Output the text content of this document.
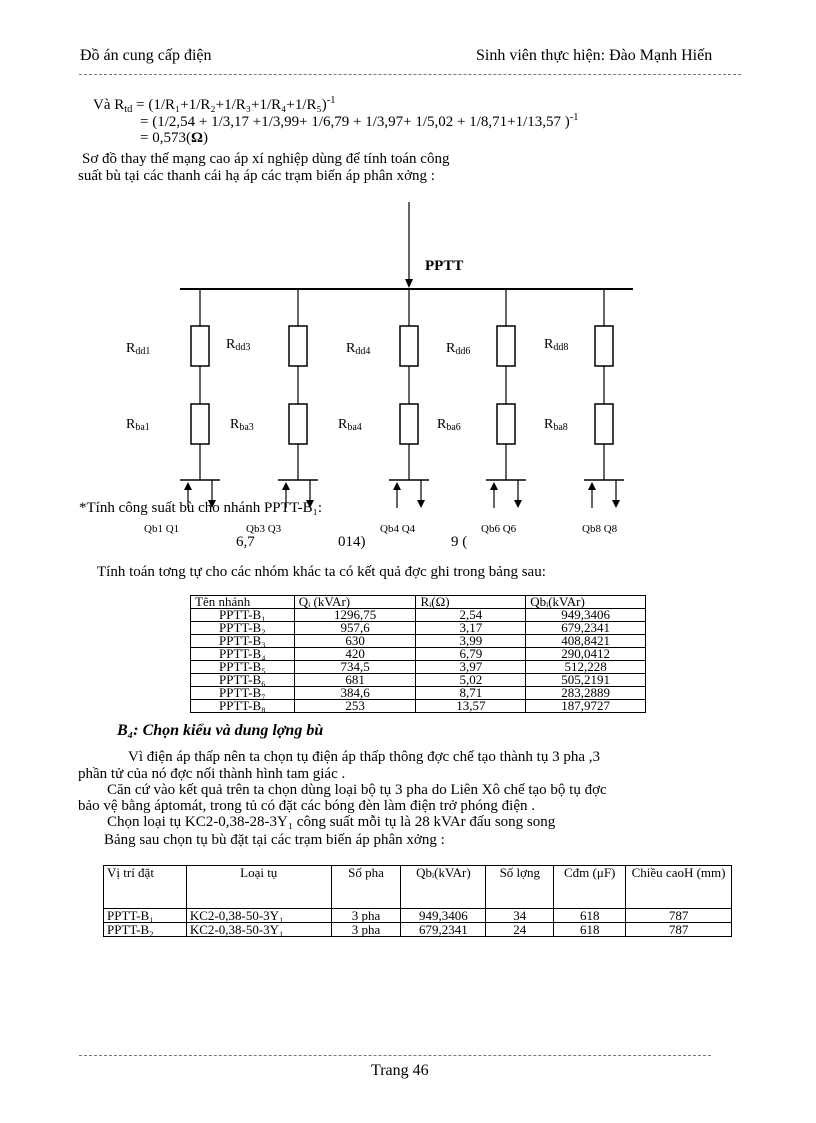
Đồ án cung cấp điện	Sinh viên thực hiện: Đào Mạnh Hiến
Và $R_{td} = (1/R_1+1/R_2+1/R_3+1/R_4+1/R_5)^{-1}$
= (1/2,54 + 1/3,17 +1/3,99+ 1/6,79 + 1/3,97+ 1/5,02 + 1/8,71+1/13,57 )$^{-1}$
= 0,573(Ω)
Sơ đồ thay thế mạng cao áp xí nghiệp dùng để tính toán công
suất bù tại các thanh cái hạ áp các trạm biến áp phân xởng :
PPTT
Rdd1
Rba1
Qb1 Q1
Rdd3
Rba3
Qb3 Q3
Rdd4
Rba4
Qb4 Q4
Rdd6
Rba6
Qb6 Q6
Rdd8
Rba8
Qb8 Q8
*Tính công suất bù cho nhánh PPTT-B₁:
6,7	014)	9 (
Tính toán tơng tự cho các nhóm khác ta có kết quả đợc ghi trong bảng sau:
Tên nhánh	Qᵢ (kVAr)	Rᵢ(Ω)	Qbᵢ(kVAr)
PPTT-B₁	1296,75	2,54	949,3406
PPTT-B₂	957,6	3,17	679,2341
PPTT-B₃	630	3,99	408,8421
PPTT-B₄	420	6,79	290,0412
PPTT-B₅	734,5	3,97	512,228
PPTT-B₆	681	5,02	505,2191
PPTT-B₇	384,6	8,71	283,2889
PPTT-B₈	253	13,57	187,9727
B₄: Chọn kiểu và dung lợng bù
Vì điện áp thấp nên ta chọn tụ điện áp thấp thông đợc chế tạo thành tụ 3 pha ,3
phần tử của nó đợc nối thành hình tam giác .
Căn cứ vào kết quả trên ta chọn dùng loại bộ tụ 3 pha do Liên Xô chế tạo bộ tụ đợc
bảo vệ bằng áptomát, trong tủ có đặt các bóng đèn làm điện trở phóng điện .
Chọn loại tụ KC2-0,38-28-3Y₁ công suất mỗi tụ là 28 kVAr đấu song song
Bảng sau chọn tụ bù đặt tại các trạm biến áp phân xởng :
Vị trí đặt	Loại tụ	Số pha	Qbᵢ(kVAr)	Số lợng	Cđm (μF)	Chiều caoH (mm)
PPTT-B₁	KC2-0,38-50-3Y₁	3 pha	949,3406	34	618	787
PPTT-B₂	KC2-0,38-50-3Y₁	3 pha	679,2341	24	618	787
Trang 46
